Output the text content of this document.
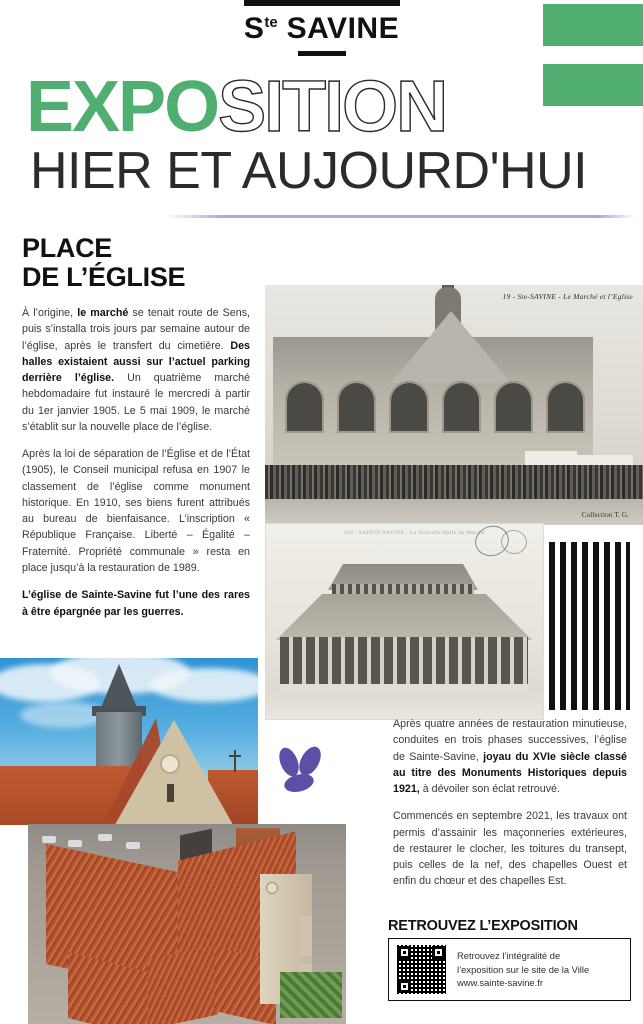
$S^{te}$ SAVINE
EXPOSITION
HIER ET AUJOURD'HUI
PLACE
DE L’ÉGLISE

À l’origine, le marché se tenait route de Sens, puis s’installa trois jours par semaine autour de l’église, après le transfert du cimetière. Des halles existaient aussi sur l’actuel parking derrière l’église. Un quatrième marché hebdomadaire fut instauré le mercredi à partir du 1er janvier 1905. Le 5 mai 1909, le marché s’établit sur la nouvelle place de l’église.

Après la loi de séparation de l’Église et de l’État (1905), le Conseil municipal refusa en 1907 le classement de l’église comme monument historique. En 1910, ses biens furent attribués au bureau de bienfaisance. L’inscription « République Française. Liberté – Égalité – Fraternité. Propriété communale » resta en place jusqu’à la restauration de 1989.

L’église de Sainte-Savine fut l’une des rares à être épargnée par les guerres.

19 - Ste-SAVINE - Le Marché et l’Eglise
Collection T. G.
126 - SAINTE-SAVINE - La Nouvelle Halle du Marché

Après quatre années de restauration minutieuse, conduites en trois phases successives, l’église de Sainte-Savine, joyau du XVIe siècle classé au titre des Monuments Historiques depuis 1921, à dévoiler son éclat retrouvé.

Commencés en septembre 2021, les travaux ont permis d’assainir les maçonneries extérieures, de restaurer le clocher, les toitures du transept, puis celles de la nef, des chapelles Ouest et enfin du chœur et des chapelles Est.

RETROUVEZ L’EXPOSITION
Retrouvez l’intégralité de
l’exposition sur le site de la Ville
www.sainte-savine.fr
